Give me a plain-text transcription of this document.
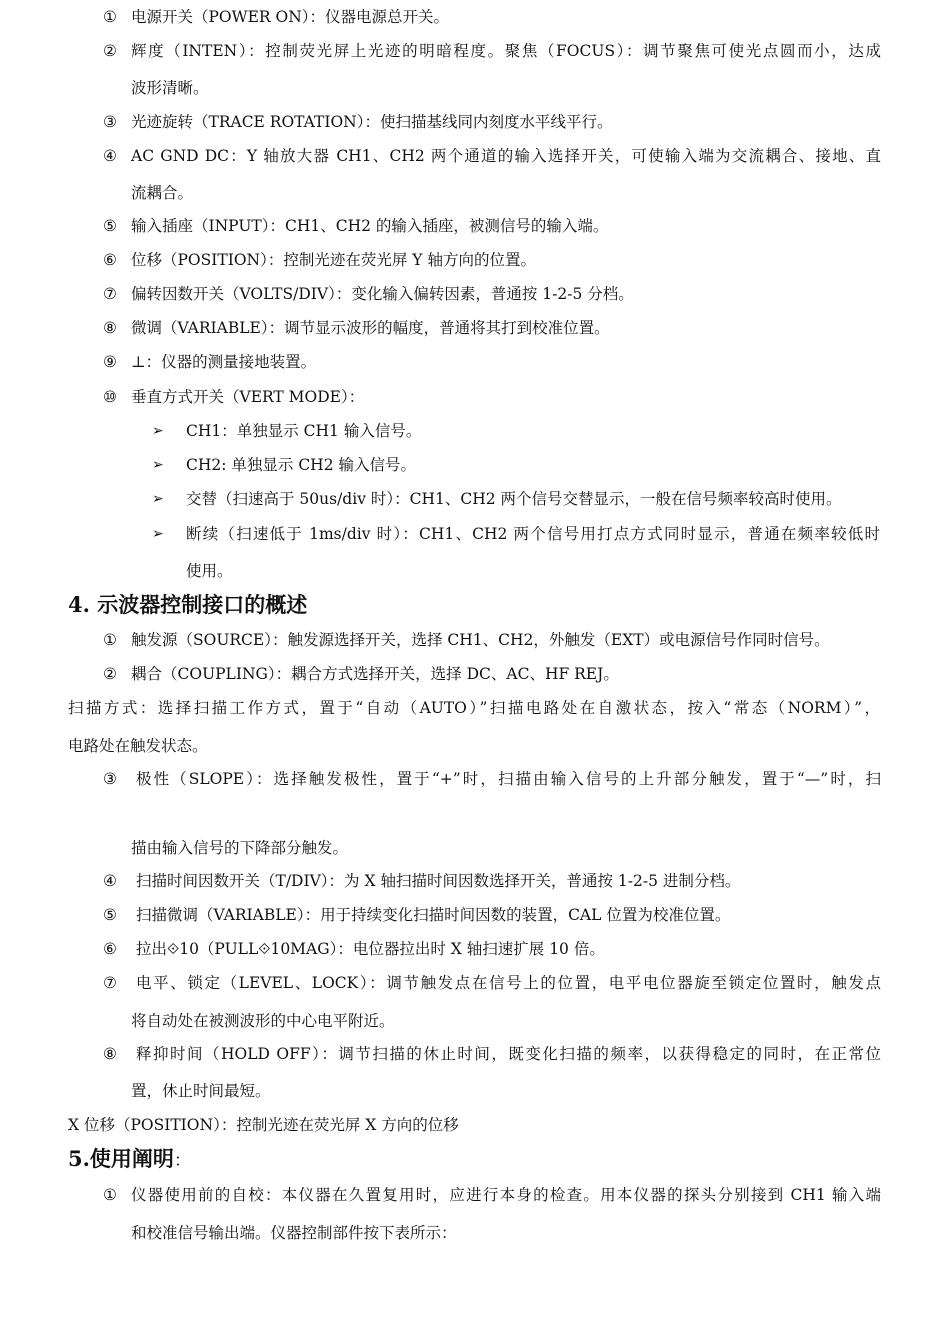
① 电源开关（POWER ON）：仪器电源总开关。
② 辉度（INTEN）：控制荧光屏上光迹的明暗程度。聚焦（FOCUS）：调节聚焦可使光点圆而小，达成
波形清晰。
③ 光迹旋转（TRACE ROTATION）：使扫描基线同内刻度水平线平行。
④ AC GND DC：Y 轴放大器 CH1、CH2 两个通道的输入选择开关，可使输入端为交流耦合、接地、直
流耦合。
⑤ 输入插座（INPUT）：CH1、CH2 的输入插座，被测信号的输入端。
⑥ 位移（POSITION）：控制光迹在荧光屏 Y 轴方向的位置。
⑦ 偏转因数开关（VOLTS/DIV）：变化输入偏转因素，普通按 1-2-5 分档。
⑧ 微调（VARIABLE）：调节显示波形的幅度，普通将其打到校准位置。
⑨ ⊥：仪器的测量接地装置。
⑩ 垂直方式开关（VERT MODE）：
➢ CH1：单独显示 CH1 输入信号。
➢ CH2: 单独显示 CH2 输入信号。
➢ 交替（扫速高于 50us/div 时）：CH1、CH2 两个信号交替显示，一般在信号频率较高时使用。
➢ 断续（扫速低于 1ms/div 时）：CH1、CH2 两个信号用打点方式同时显示，普通在频率较低时
使用。
4. 示波器控制接口的概述
① 触发源（SOURCE）：触发源选择开关，选择 CH1、CH2，外触发（EXT）或电源信号作同时信号。
② 耦合（COUPLING）：耦合方式选择开关，选择 DC、AC、HF REJ。
扫描方式：选择扫描工作方式，置于“自动（AUTO）”扫描电路处在自激状态，按入“常态（NORM）”，
电路处在触发状态。
③	极性（SLOPE）：选择触发极性，置于“+”时，扫描由输入信号的上升部分触发，置于“—”时，扫
描由输入信号的下降部分触发。
④	扫描时间因数开关（T/DIV）：为 X 轴扫描时间因数选择开关，普通按 1-2-5 进制分档。
⑤	扫描微调（VARIABLE）：用于持续变化扫描时间因数的装置，CAL 位置为校准位置。
⑥	拉出⟐10（PULL⟐10MAG）：电位器拉出时 X 轴扫速扩展 10 倍。
⑦	电平、锁定（LEVEL、LOCK）：调节触发点在信号上的位置，电平电位器旋至锁定位置时，触发点
将自动处在被测波形的中心电平附近。
⑧	释抑时间（HOLD OFF）：调节扫描的休止时间，既变化扫描的频率，以获得稳定的同时，在正常位
置，休止时间最短。
X 位移（POSITION）：控制光迹在荧光屏 X 方向的位移
5.使用阐明：
① 仪器使用前的自校：本仪器在久置复用时，应进行本身的检查。用本仪器的探头分别接到 CH1 输入端
和校准信号输出端。仪器控制部件按下表所示：
